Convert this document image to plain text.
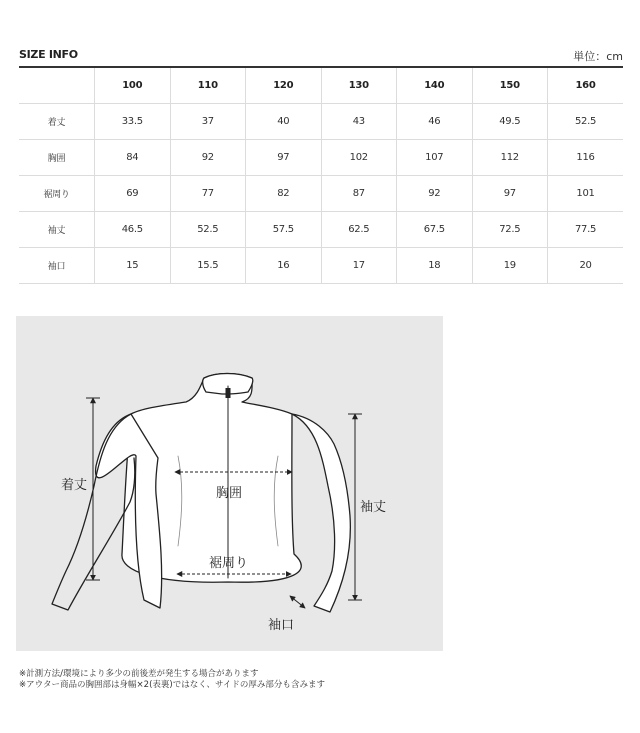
SIZE INFO	単位：cm
	100	110	120	130	140	150	160
着丈	33.5	37	40	43	46	49.5	52.5
胸囲	84	92	97	102	107	112	116
裾周り	69	77	82	87	92	97	101
袖丈	46.5	52.5	57.5	62.5	67.5	72.5	77.5
袖口	15	15.5	16	17	18	19	20
着丈
胸囲
裾周り
袖丈
袖口
※計測方法/環境により多少の前後差が発生する場合があります
※アウター商品の胸囲部は身幅×2(表裏)ではなく、サイドの厚み部分も含みます
